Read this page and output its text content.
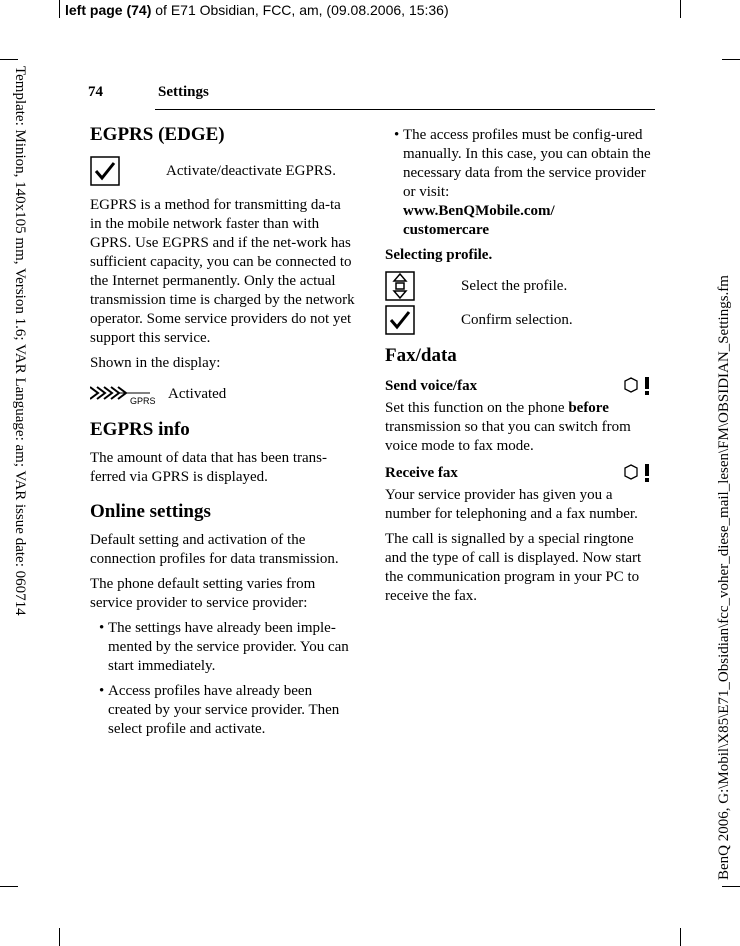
left page (74) of E71 Obsidian, FCC, am, (09.08.2006, 15:36)
Template: Minion, 140x105 mm, Version 1.6; VAR Language: am; VAR issue date: 060714	BenQ 2006, G:\Mobil\X85\E71_Obsidian\fcc_voher_diese_mail_lesen\FM\OBSIDIAN_Settings.fm
74	Settings
EGPRS (EDGE)
Activate/deactivate EGPRS.

EGPRS is a method for transmitting da-ta in the mobile network faster than with GPRS. Use EGPRS and if the net-work has sufficient capacity, you can be connected to the Internet permanently. Only the actual transmission time is charged by the network operator. Some service providers do not yet support this service.

Shown in the display:

GPRS Activated
EGPRS info

The amount of data that has been trans-ferred via GPRS is displayed.

Online settings

Default setting and activation of the connection profiles for data transmission.

The phone default setting varies from service provider to service provider:

• The settings have already been imple-mented by the service provider. You can start immediately.
• Access profiles have already been created by your service provider. Then select profile and activate.
• The access profiles must be config-ured manually. In this case, you can obtain the necessary data from the service provider or visit:
www.BenQMobile.com/
customercare
Selecting profile.
Select the profile.
Confirm selection.
Fax/data
Send voice/fax

Set this function on the phone before transmission so that you can switch from voice mode to fax mode.

Receive fax

Your service provider has given you a number for telephoning and a fax number.

The call is signalled by a special ringtone and the type of call is displayed. Now start the communication program in your PC to receive the fax.
